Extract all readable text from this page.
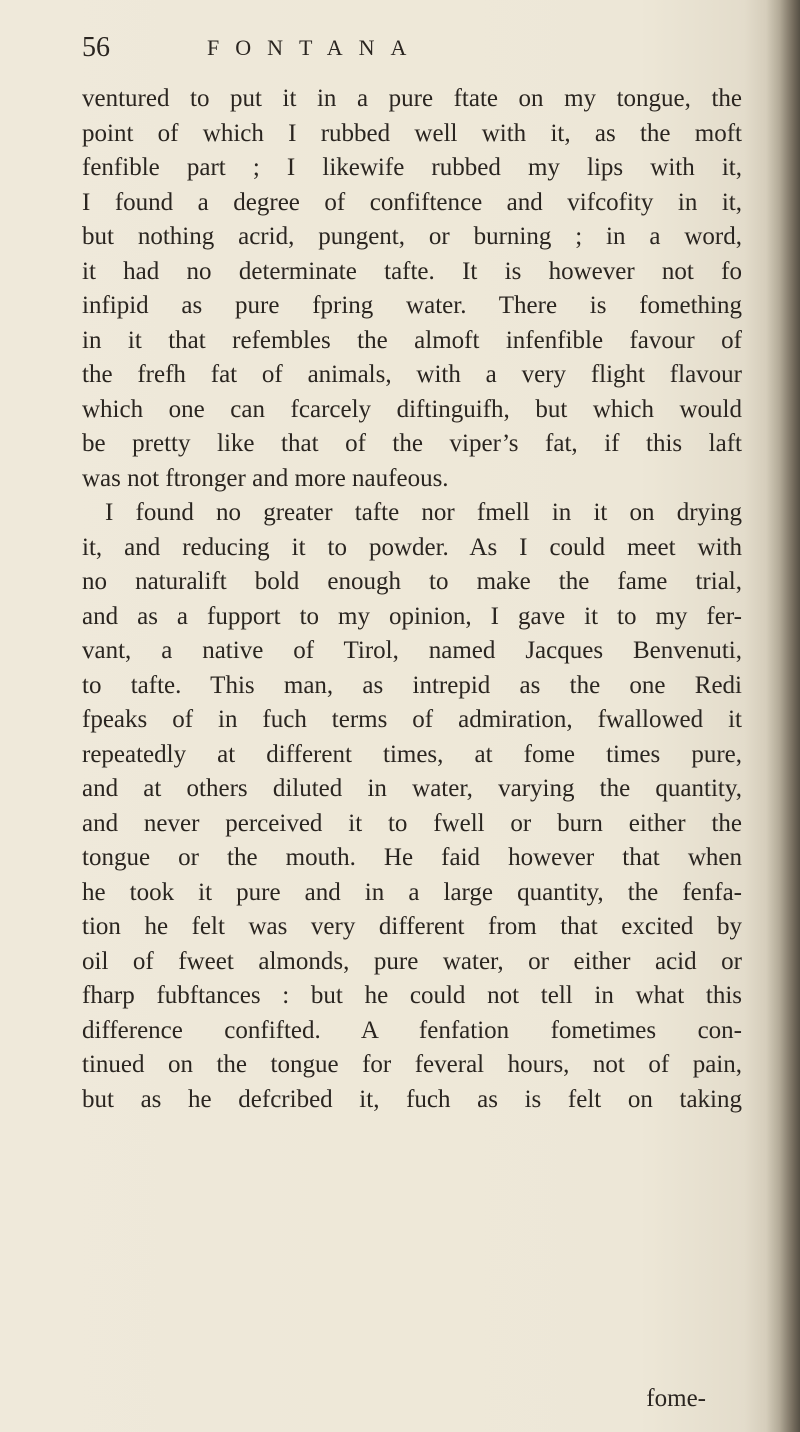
56	FONTANA

ventured to put it in a pure ftate on my tongue, the
point of which I rubbed well with it, as the moft
fenfible part ; I likewife rubbed my lips with it,
I found a degree of confiftence and vifcofity in it,
but nothing acrid, pungent, or burning ; in a word,
it had no determinate tafte. It is however not fo
infipid as pure fpring water. There is fomething
in it that refembles the almoft infenfible favour of
the frefh fat of animals, with a very flight flavour
which one can fcarcely diftinguifh, but which would
be pretty like that of the viper’s fat, if this laft
was not ftronger and more naufeous.
I found no greater tafte nor fmell in it on drying
it, and reducing it to powder. As I could meet with
no naturalift bold enough to make the fame trial,
and as a fupport to my opinion, I gave it to my fer-
vant, a native of Tirol, named Jacques Benvenuti,
to tafte. This man, as intrepid as the one Redi
fpeaks of in fuch terms of admiration, fwallowed it
repeatedly at different times, at fome times pure,
and at others diluted in water, varying the quantity,
and never perceived it to fwell or burn either the
tongue or the mouth. He faid however that when
he took it pure and in a large quantity, the fenfa-
tion he felt was very different from that excited by
oil of fweet almonds, pure water, or either acid or
fharp fubftances : but he could not tell in what this
difference confifted. A fenfation fometimes con-
tinued on the tongue for feveral hours, not of pain,
but as he defcribed it, fuch as is felt on taking

fome-
